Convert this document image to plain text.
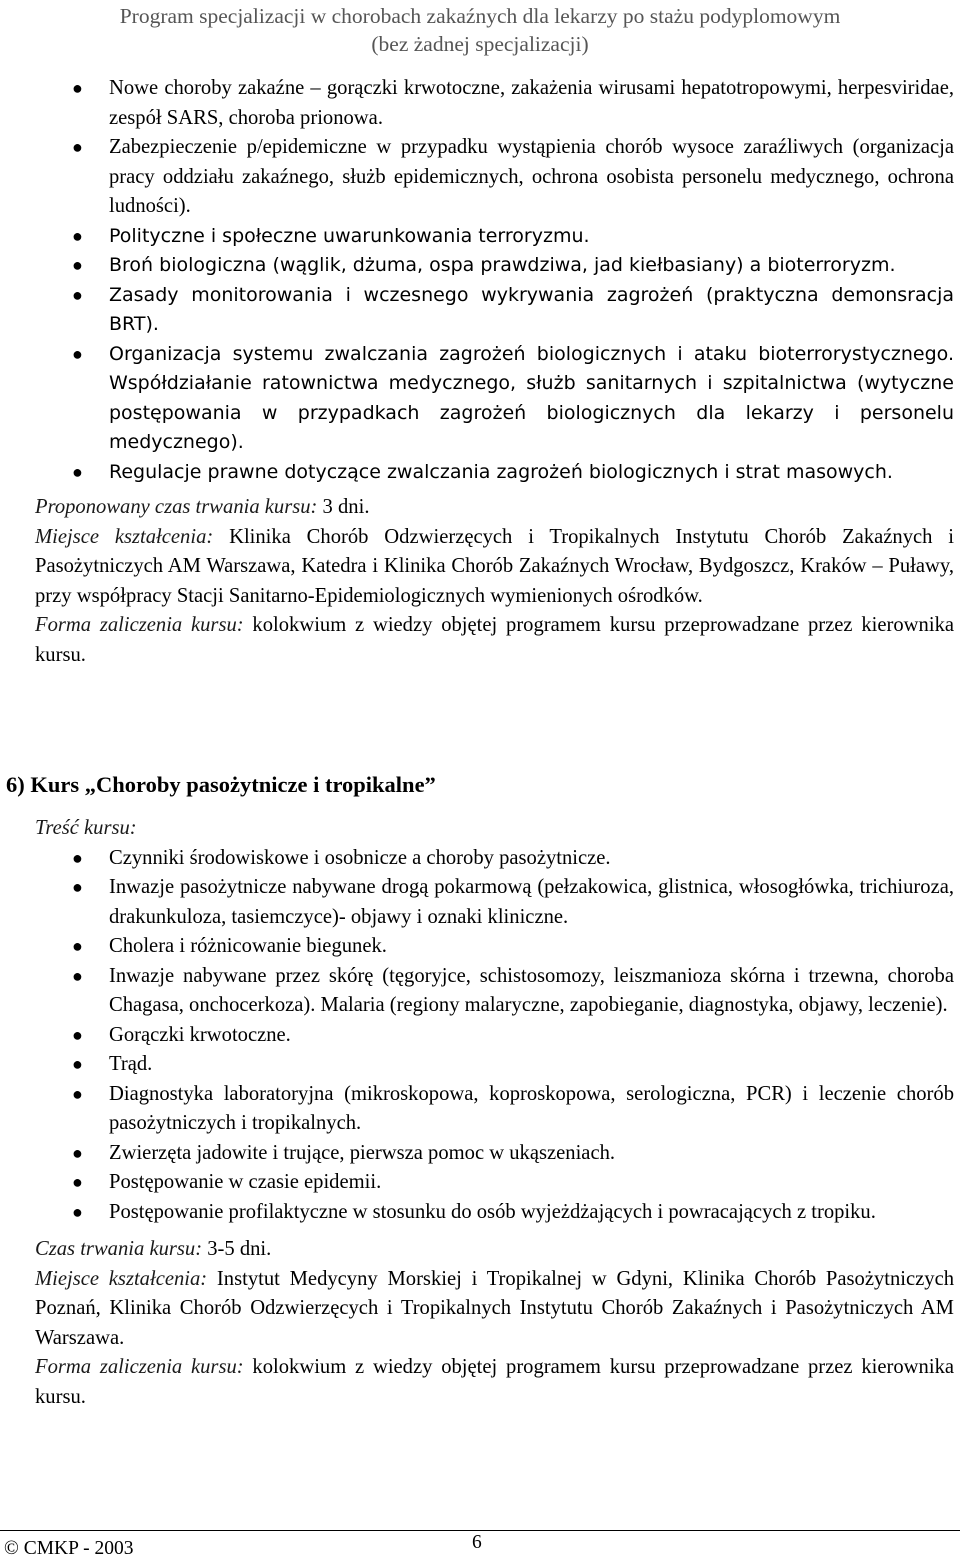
Program specjalizacji w chorobach zakaźnych dla lekarzy po stażu podyplomowym
(bez żadnej specjalizacji)
● Nowe choroby zakaźne – gorączki krwotoczne, zakażenia wirusami hepatotropowymi, herpesviridae, zespół SARS, choroba prionowa.
● Zabezpieczenie p/epidemiczne w przypadku wystąpienia chorób wysoce zaraźliwych (organizacja pracy oddziału zakaźnego, służb epidemicznych, ochrona osobista personelu medycznego, ochrona ludności).
● Polityczne i społeczne uwarunkowania terroryzmu.
● Broń biologiczna (wąglik, dżuma, ospa prawdziwa, jad kiełbasiany) a bioterroryzm.
● Zasady monitorowania i wczesnego wykrywania zagrożeń (praktyczna demonsracja BRT).
● Organizacja systemu zwalczania zagrożeń biologicznych i ataku bioterrorystycznego. Współdziałanie ratownictwa medycznego, służb sanitarnych i szpitalnictwa (wytyczne postępowania w przypadkach zagrożeń biologicznych dla lekarzy i personelu medycznego).
● Regulacje prawne dotyczące zwalczania zagrożeń biologicznych i strat masowych.

Proponowany czas trwania kursu: 3 dni.

Miejsce kształcenia: Klinika Chorób Odzwierzęcych i Tropikalnych Instytutu Chorób Zakaźnych i Pasożytniczych AM Warszawa, Katedra i Klinika Chorób Zakaźnych Wrocław, Bydgoszcz, Kraków – Puławy, przy współpracy Stacji Sanitarno-Epidemiologicznych wymienionych ośrodków.

Forma zaliczenia kursu: kolokwium z wiedzy objętej programem kursu przeprowadzane przez kierownika kursu.

6) Kurs „Choroby pasożytnicze i tropikalne”

Treść kursu:

● Czynniki środowiskowe i osobnicze a choroby pasożytnicze.
● Inwazje pasożytnicze nabywane drogą pokarmową (pełzakowica, glistnica, włosogłówka, trichiuroza, drakunkuloza, tasiemczyce)- objawy i oznaki kliniczne.
● Cholera i różnicowanie biegunek.
● Inwazje nabywane przez skórę (tęgoryjce, schistosomozy, leiszmanioza skórna i trzewna, choroba Chagasa, onchocerkoza). Malaria (regiony malaryczne, zapobieganie, diagnostyka, objawy, leczenie).
● Gorączki krwotoczne.
● Trąd.
● Diagnostyka laboratoryjna (mikroskopowa, koproskopowa, serologiczna, PCR) i leczenie chorób pasożytniczych i tropikalnych.
● Zwierzęta jadowite i trujące, pierwsza pomoc w ukąszeniach.
● Postępowanie w czasie epidemii.
● Postępowanie profilaktyczne w stosunku do osób wyjeżdżających i powracających z tropiku.

Czas trwania kursu: 3-5 dni.

Miejsce kształcenia: Instytut Medycyny Morskiej i Tropikalnej w Gdyni, Klinika Chorób Pasożytniczych Poznań, Klinika Chorób Odzwierzęcych i Tropikalnych Instytutu Chorób Zakaźnych i Pasożytniczych AM Warszawa.

Forma zaliczenia kursu: kolokwium z wiedzy objętej programem kursu przeprowadzane przez kierownika kursu.

© CMKP - 2003	6
